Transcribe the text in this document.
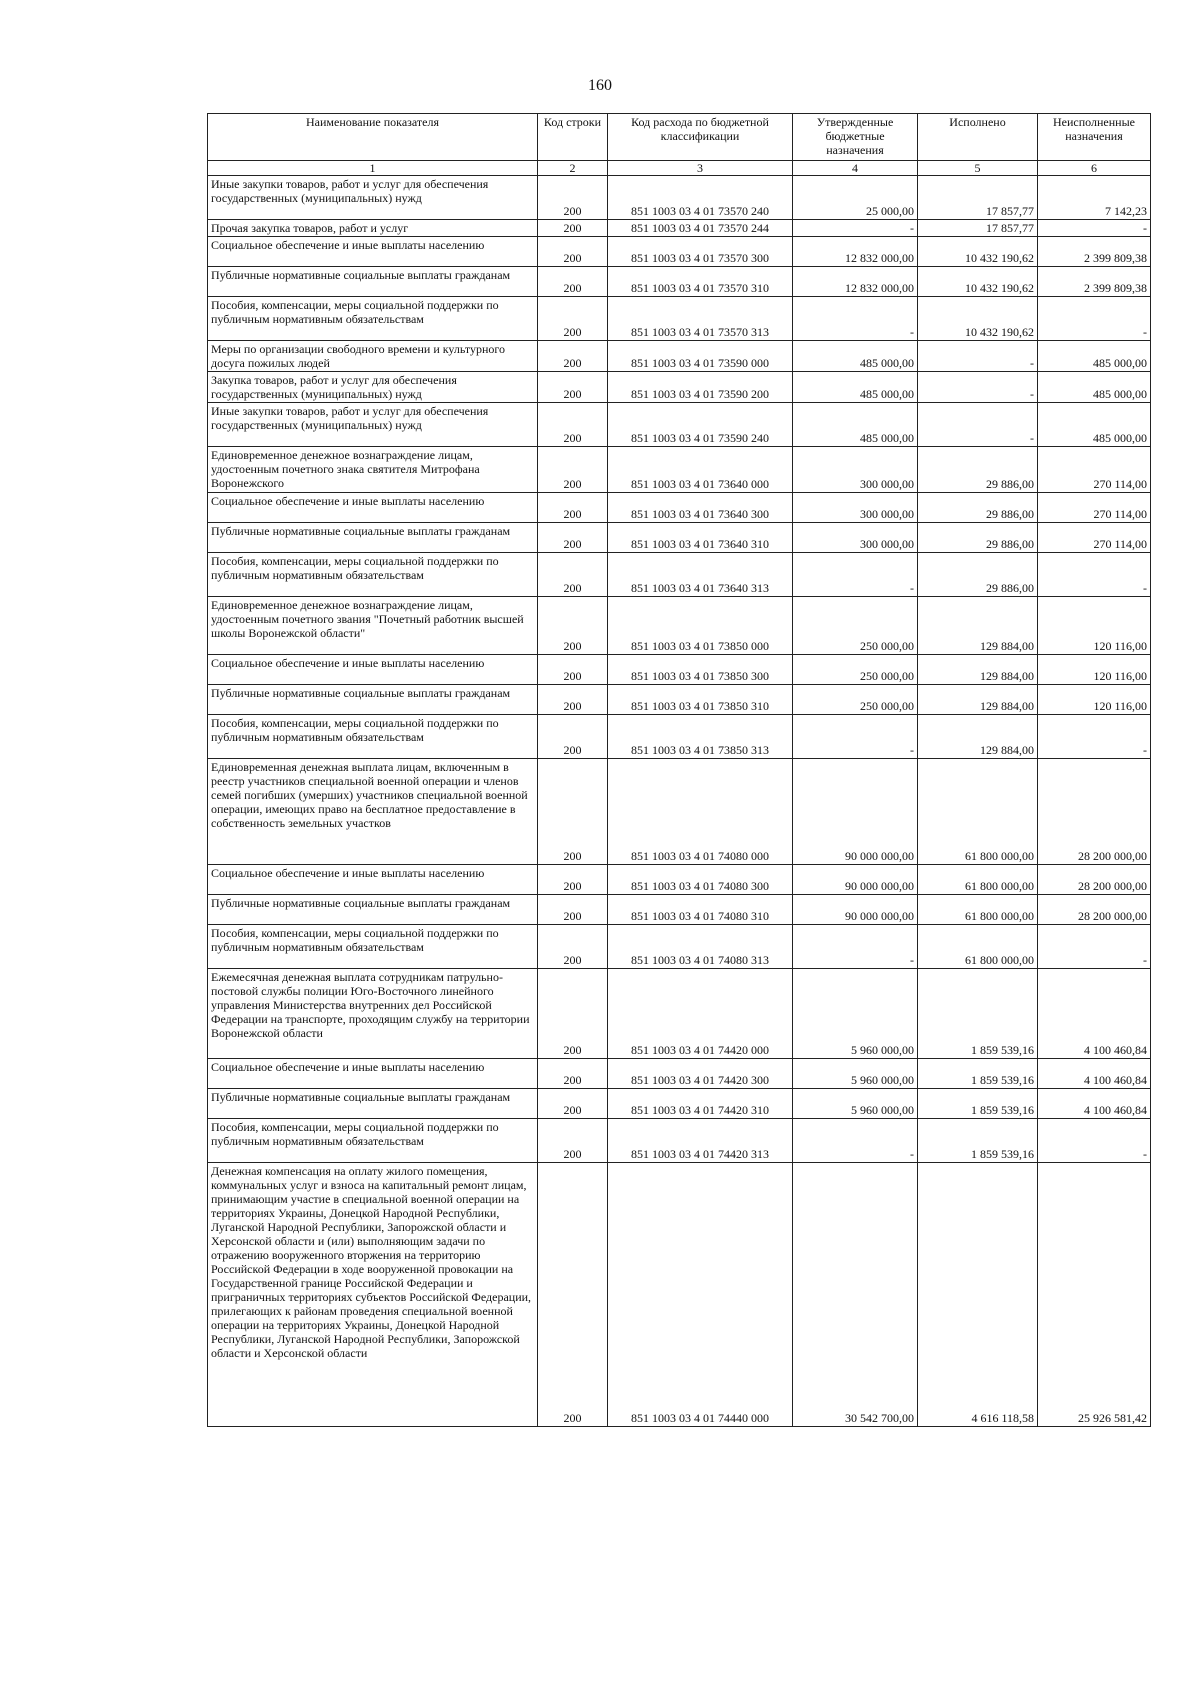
160
Наименование показателя	Код строки	Код расхода по бюджетной классификации	Утвержденные бюджетные назначения	Исполнено	Неисполненные назначения
1	2	3	4	5	6
Иные закупки товаров, работ и услуг для обеспечения государственных (муниципальных) нужд	200	851 1003 03 4 01 73570 240	25 000,00	17 857,77	7 142,23
Прочая закупка товаров, работ и услуг	200	851 1003 03 4 01 73570 244	-	17 857,77	-
Социальное обеспечение и иные выплаты населению	200	851 1003 03 4 01 73570 300	12 832 000,00	10 432 190,62	2 399 809,38
Публичные нормативные социальные выплаты гражданам	200	851 1003 03 4 01 73570 310	12 832 000,00	10 432 190,62	2 399 809,38
Пособия, компенсации, меры социальной поддержки по публичным нормативным обязательствам	200	851 1003 03 4 01 73570 313	-	10 432 190,62	-
Меры по организации свободного времени и культурного досуга пожилых людей	200	851 1003 03 4 01 73590 000	485 000,00	-	485 000,00
Закупка товаров, работ и услуг для обеспечения государственных (муниципальных) нужд	200	851 1003 03 4 01 73590 200	485 000,00	-	485 000,00
Иные закупки товаров, работ и услуг для обеспечения государственных (муниципальных) нужд	200	851 1003 03 4 01 73590 240	485 000,00	-	485 000,00
Единовременное денежное вознаграждение лицам, удостоенным почетного знака святителя Митрофана Воронежского	200	851 1003 03 4 01 73640 000	300 000,00	29 886,00	270 114,00
Социальное обеспечение и иные выплаты населению	200	851 1003 03 4 01 73640 300	300 000,00	29 886,00	270 114,00
Публичные нормативные социальные выплаты гражданам	200	851 1003 03 4 01 73640 310	300 000,00	29 886,00	270 114,00
Пособия, компенсации, меры социальной поддержки по публичным нормативным обязательствам	200	851 1003 03 4 01 73640 313	-	29 886,00	-
Единовременное денежное вознаграждение лицам, удостоенным почетного звания "Почетный работник высшей школы Воронежской области"	200	851 1003 03 4 01 73850 000	250 000,00	129 884,00	120 116,00
Социальное обеспечение и иные выплаты населению	200	851 1003 03 4 01 73850 300	250 000,00	129 884,00	120 116,00
Публичные нормативные социальные выплаты гражданам	200	851 1003 03 4 01 73850 310	250 000,00	129 884,00	120 116,00
Пособия, компенсации, меры социальной поддержки по публичным нормативным обязательствам	200	851 1003 03 4 01 73850 313	-	129 884,00	-
Единовременная денежная выплата лицам, включенным в реестр участников специальной военной операции и членов семей погибших (умерших) участников специальной военной операции, имеющих право на бесплатное предоставление в собственность земельных участков	200	851 1003 03 4 01 74080 000	90 000 000,00	61 800 000,00	28 200 000,00
Социальное обеспечение и иные выплаты населению	200	851 1003 03 4 01 74080 300	90 000 000,00	61 800 000,00	28 200 000,00
Публичные нормативные социальные выплаты гражданам	200	851 1003 03 4 01 74080 310	90 000 000,00	61 800 000,00	28 200 000,00
Пособия, компенсации, меры социальной поддержки по публичным нормативным обязательствам	200	851 1003 03 4 01 74080 313	-	61 800 000,00	-
Ежемесячная денежная выплата сотрудникам патрульно-постовой службы полиции Юго-Восточного линейного управления Министерства внутренних дел Российской Федерации на транспорте, проходящим службу на территории Воронежской области	200	851 1003 03 4 01 74420 000	5 960 000,00	1 859 539,16	4 100 460,84
Социальное обеспечение и иные выплаты населению	200	851 1003 03 4 01 74420 300	5 960 000,00	1 859 539,16	4 100 460,84
Публичные нормативные социальные выплаты гражданам	200	851 1003 03 4 01 74420 310	5 960 000,00	1 859 539,16	4 100 460,84
Пособия, компенсации, меры социальной поддержки по публичным нормативным обязательствам	200	851 1003 03 4 01 74420 313	-	1 859 539,16	-
Денежная компенсация на оплату жилого помещения, коммунальных услуг и взноса на капитальный ремонт лицам, принимающим участие в специальной военной операции на территориях Украины, Донецкой Народной Республики, Луганской Народной Республики, Запорожской области и Херсонской области и (или) выполняющим задачи по отражению вооруженного вторжения на территорию Российской Федерации в ходе вооруженной провокации на Государственной границе Российской Федерации и приграничных территориях субъектов Российской Федерации, прилегающих к районам проведения специальной военной операции на территориях Украины, Донецкой Народной Республики, Луганской Народной Республики, Запорожской области и Херсонской области	200	851 1003 03 4 01 74440 000	30 542 700,00	4 616 118,58	25 926 581,42
